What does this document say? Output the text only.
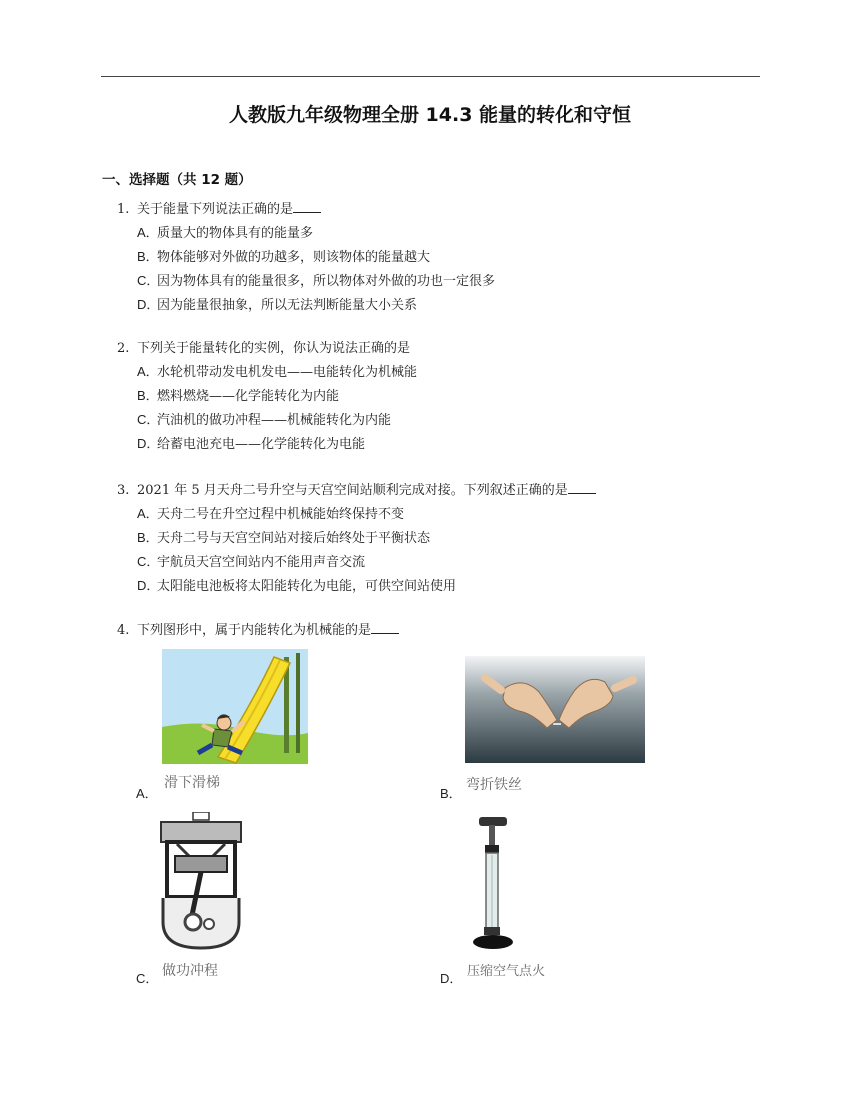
人教版九年级物理全册 14.3 能量的转化和守恒
一、选择题（共 12 题）
1. 关于能量下列说法正确的是
A．质量大的物体具有的能量多
B．物体能够对外做的功越多，则该物体的能量越大
C．因为物体具有的能量很多，所以物体对外做的功也一定很多
D．因为能量很抽象，所以无法判断能量大小关系
2. 下列关于能量转化的实例，你认为说法正确的是
A．水轮机带动发电机发电——电能转化为机械能
B．燃料燃烧——化学能转化为内能
C．汽油机的做功冲程——机械能转化为内能
D．给蓄电池充电——化学能转化为电能
3. 2021 年 5 月天舟二号升空与天宫空间站顺利完成对接。下列叙述正确的是
A．天舟二号在升空过程中机械能始终保持不变
B．天舟二号与天宫空间站对接后始终处于平衡状态
C．宇航员天宫空间站内不能用声音交流
D．太阳能电池板将太阳能转化为电能，可供空间站使用
4. 下列图形中，属于内能转化为机械能的是
A．
滑下滑梯
B．
弯折铁丝
C． 做功冲程	D． 压缩空气点火
